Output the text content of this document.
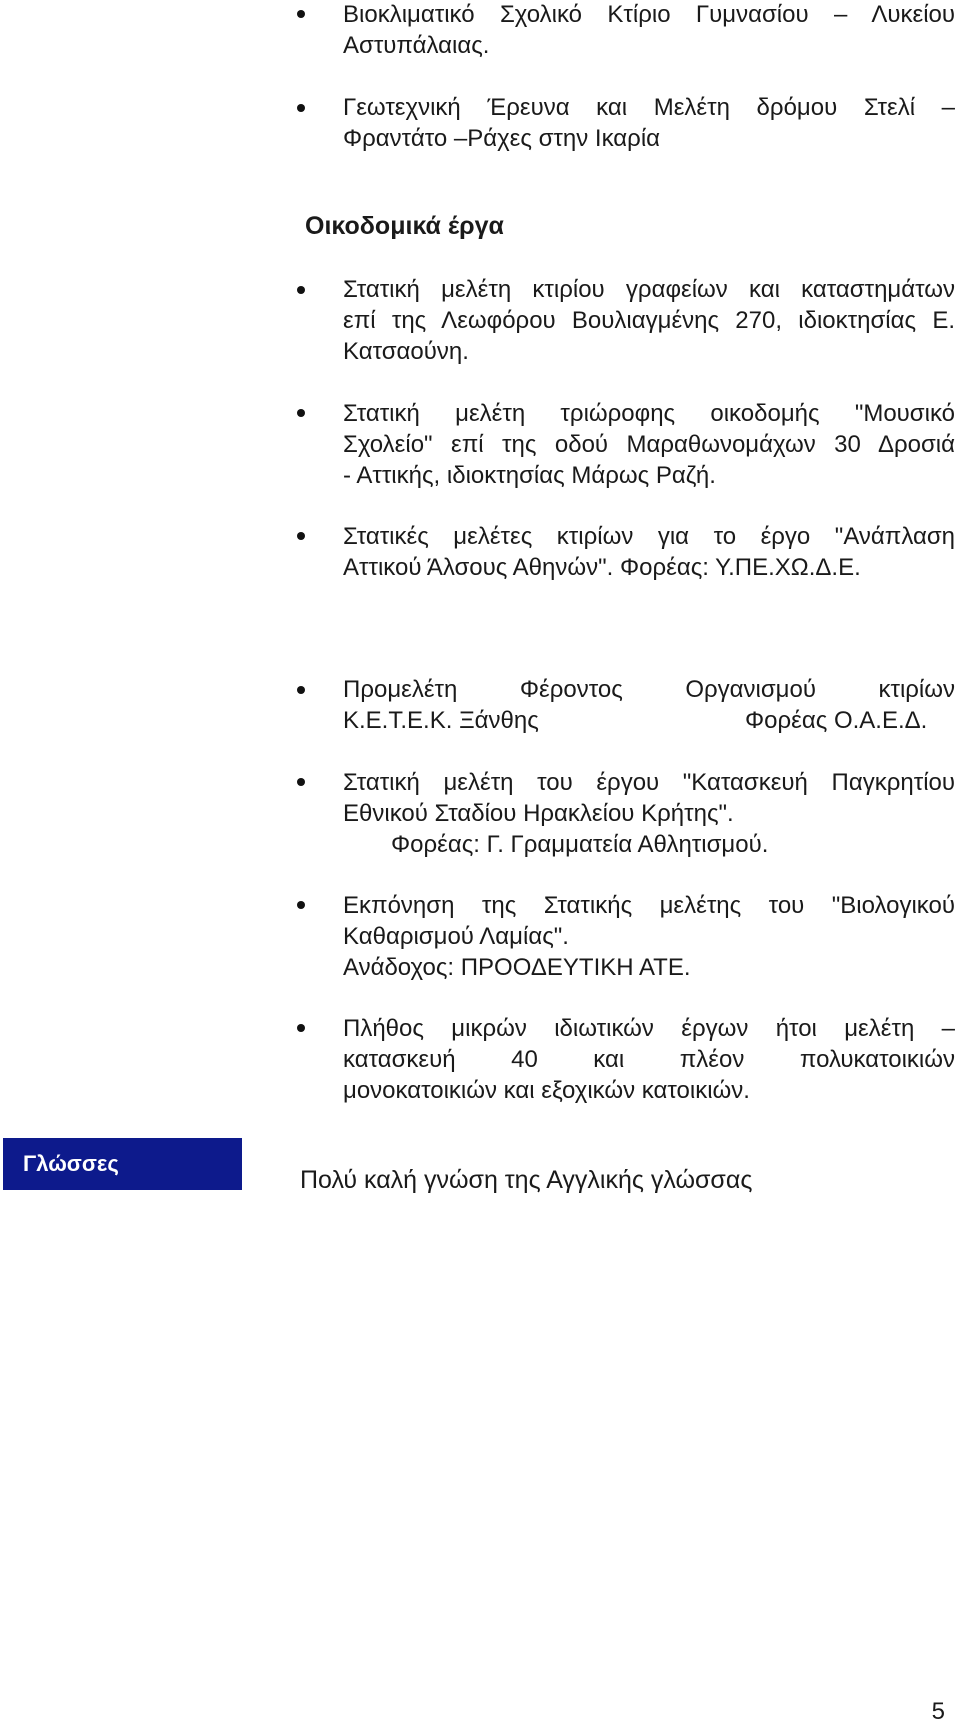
Βιοκλιματικό Σχολικό Κτίριο Γυμνασίου – Λυκείου
Αστυπάλαιας.
Γεωτεχνική Έρευνα και Μελέτη δρόμου Στελί –
Φραντάτο –Ράχες στην Ικαρία
Οικοδομικά έργα
Στατική μελέτη κτιρίου γραφείων και καταστημάτων
επί της Λεωφόρου Βουλιαγμένης 270, ιδιοκτησίας Ε.
Κατσαούνη.
Στατική μελέτη τριώροφης οικοδομής "Μουσικό
Σχολείο" επί της οδού Μαραθωνομάχων 30 Δροσιά
- Αττικής, ιδιοκτησίας Μάρως Ραζή.
Στατικές μελέτες κτιρίων για το έργο "Ανάπλαση
Αττικού Άλσους Αθηνών". Φορέας: Υ.ΠΕ.ΧΩ.Δ.Ε.
Προμελέτη Φέροντος Οργανισμού κτιρίων
Κ.Ε.Τ.Ε.Κ. Ξάνθης	Φορέας Ο.Α.Ε.Δ.
Στατική μελέτη του έργου "Κατασκευή Παγκρητίου
Εθνικού Σταδίου Ηρακλείου Κρήτης".
Φορέας: Γ. Γραμματεία Αθλητισμού.
Εκπόνηση της Στατικής μελέτης του "Βιολογικού
Καθαρισμού Λαμίας".
Ανάδοχος: ΠΡΟΟΔΕΥΤΙΚΗ ΑΤΕ.
Πλήθος μικρών ιδιωτικών έργων ήτοι μελέτη –
κατασκευή 40 και πλέον πολυκατοικιών
μονοκατοικιών και εξοχικών κατοικιών.
Γλώσσες
Πολύ καλή γνώση της Αγγλικής γλώσσας
5
